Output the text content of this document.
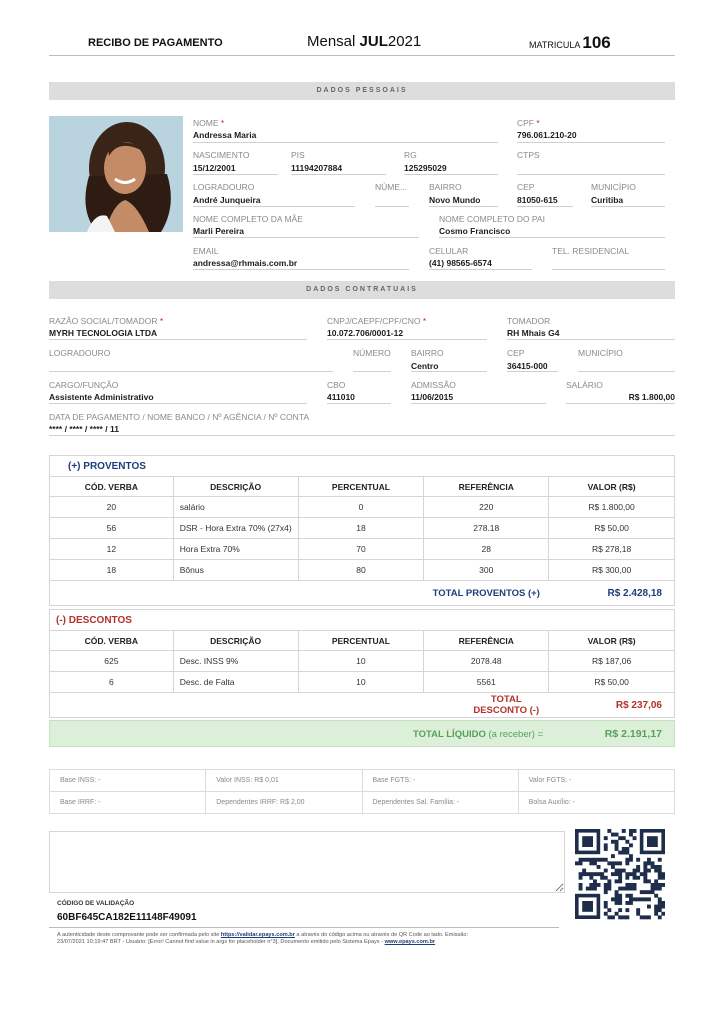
RECIBO DE PAGAMENTO	Mensal JUL2021	MATRICULA 106
DADOS PESSOAIS
NOME *
Andressa Maria
CPF *
796.061.210-20
NASCIMENTO
15/12/2001
PIS
11194207884
RG
125295029
CTPS
LOGRADOURO
André Junqueira
NÚME...	BAIRRO
Novo Mundo
CEP
81050-615
MUNICÍPIO
Curitiba
NOME COMPLETO DA MÃE
Marli Pereira
NOME COMPLETO DO PAI
Cosmo Francisco
EMAIL
andressa@rhmais.com.br
CELULAR
(41) 98565-6574
TEL. RESIDENCIAL
DADOS CONTRATUAIS
RAZÃO SOCIAL/TOMADOR *
MYRH TECNOLOGIA LTDA
CNPJ/CAEPF/CPF/CNO *
10.072.706/0001-12
TOMADOR
RH Mhais G4
LOGRADOURO	NÚMERO BAIRRO
Centro
CEP
36415-000
MUNICÍPIO
CARGO/FUNÇÃO
Assistente Administrativo
CBO
411010
ADMISSÃO
11/06/2015
SALÁRIO
R$ 1.800,00
DATA DE PAGAMENTO / NOME BANCO / Nº AGÊNCIA / Nº CONTA
**** / **** / **** / 11
(+) PROVENTOS				
CÓD. VERBA	DESCRIÇÃO	PERCENTUAL	REFERÊNCIA	VALOR (R$)
20	salário	0	220	R$ 1.800,00
56	DSR - Hora Extra 70% (27x4)	18	278.18	R$ 50,00
12	Hora Extra 70%	70	28	R$ 278,18
18	Bônus	80	300	R$ 300,00
			TOTAL PROVENTOS (+)	R$ 2.428,18
(-) DESCONTOS				
CÓD. VERBA	DESCRIÇÃO	PERCENTUAL	REFERÊNCIA	VALOR (R$)
625	Desc. INSS 9%	10	2078.48	R$ 187,06
6	Desc. de Falta	10	5561	R$ 50,00
			TOTAL DESCONTO (-)	R$ 237,06
TOTAL LÍQUIDO (a receber) =	R$ 2.191,17
Base INSS: -	Valor INSS: R$ 0,01	Base FGTS: -	Valor FGTS: -
Base IRRF: -	Dependentes IRRF: R$ 2,00	Dependentes Sal. Família: -	Bolsa Auxílio: -
CÓDIGO DE VALIDAÇÃO
60BF645CA182E11148F49091
A autenticidade deste comprovante pode ser confirmada pelo site https://validar.epays.com.br a através do código acima ou através de QR Code ao lado. Emissão:
23/07/2021 10:19:47 BRT - Usuário: [Error! Cannot find value in args for placeholder n°3], Documento emitido pelo Sistema Epays - www.epays.com.br
